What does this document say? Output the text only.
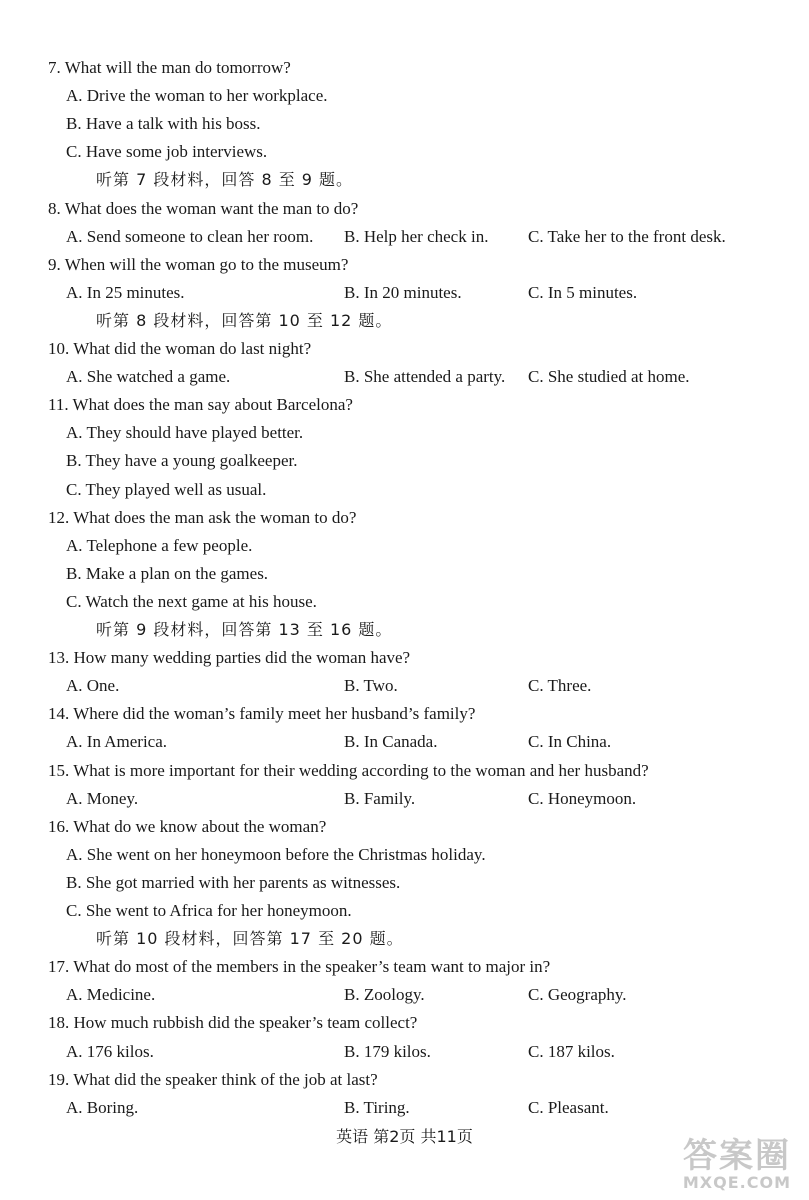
7. What will the man do tomorrow?
A. Drive the woman to her workplace.
B. Have a talk with his boss.
C. Have some job interviews.
听第 7 段材料，回答 8 至 9 题。
8. What does the woman want the man to do?
A. Send someone to clean her room. B. Help her check in. C. Take her to the front desk.
9. When will the woman go to the museum?
A. In 25 minutes.	B. In 20 minutes.	C. In 5 minutes.
听第 8 段材料，回答第 10 至 12 题。
10. What did the woman do last night?
A. She watched a game.	B. She attended a party. C. She studied at home.
11. What does the man say about Barcelona?
A. They should have played better.
B. They have a young goalkeeper.
C. They played well as usual.
12. What does the man ask the woman to do?
A. Telephone a few people.
B. Make a plan on the games.
C. Watch the next game at his house.
听第 9 段材料，回答第 13 至 16 题。
13. How many wedding parties did the woman have?
A. One.	B. Two.	C. Three.
14. Where did the woman’s family meet her husband’s family?
A. In America.	B. In Canada.	C. In China.
15. What is more important for their wedding according to the woman and her husband?
A. Money.	B. Family.	C. Honeymoon.
16. What do we know about the woman?
A. She went on her honeymoon before the Christmas holiday.
B. She got married with her parents as witnesses.
C. She went to Africa for her honeymoon.
听第 10 段材料，回答第 17 至 20 题。
17. What do most of the members in the speaker’s team want to major in?
A. Medicine.	B. Zoology.	C. Geography.
18. How much rubbish did the speaker’s team collect?
A. 176 kilos.	B. 179 kilos.	C. 187 kilos.
19. What did the speaker think of the job at last?
A. Boring.	B. Tiring.	C. Pleasant.
英语 第2页 共11页	答案圈
MXQE.COM
